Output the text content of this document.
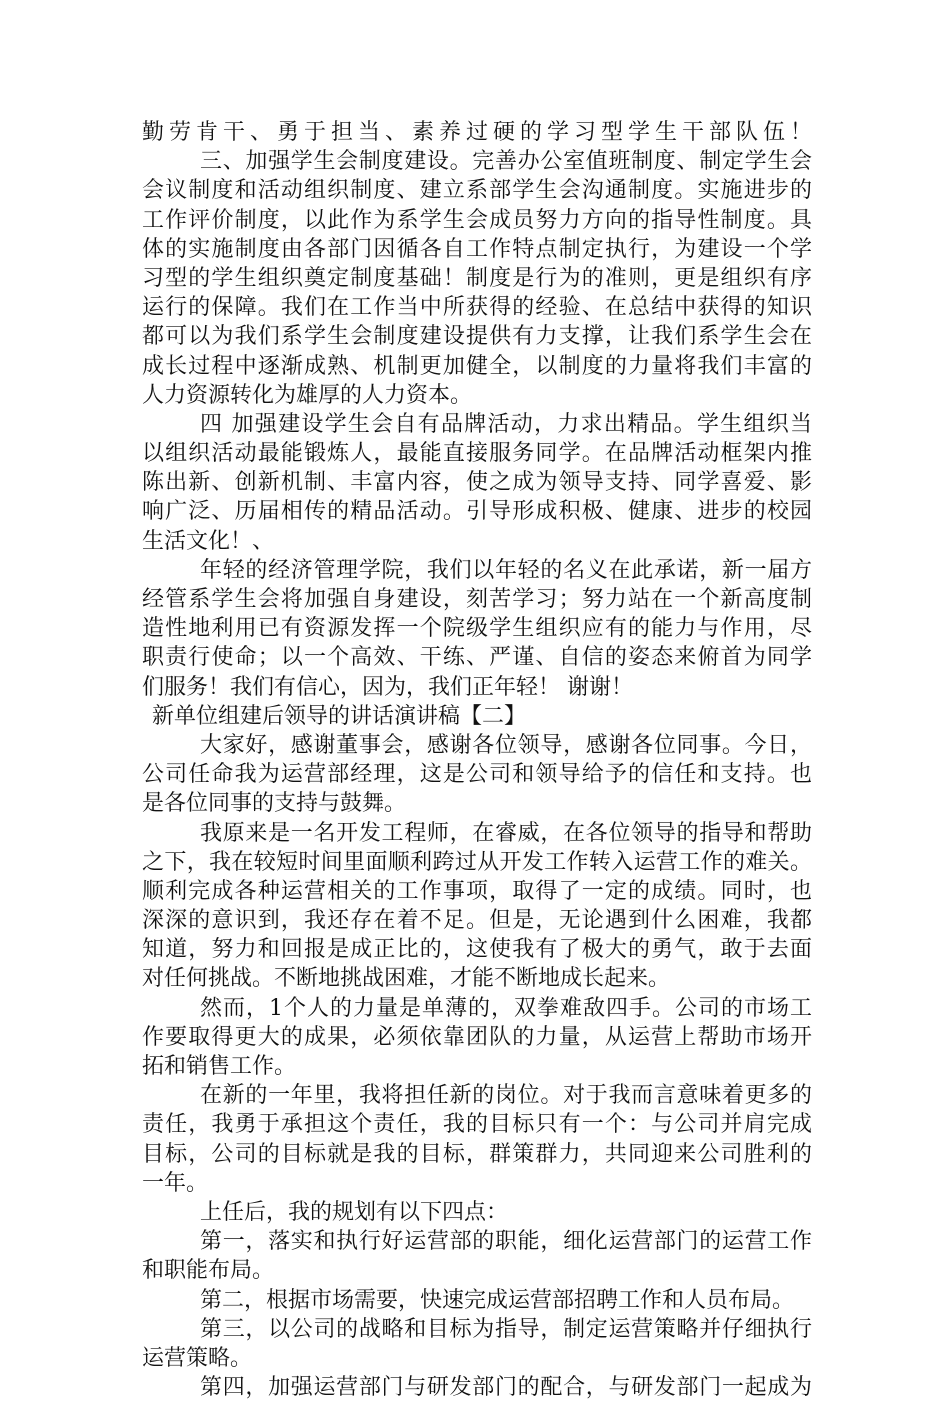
勤劳肯干、勇于担当、素养过硬的学习型学生干部队伍！
三、加强学生会制度建设。完善办公室值班制度、制定学生会
会议制度和活动组织制度、建立系部学生会沟通制度。实施进步的
工作评价制度，以此作为系学生会成员努力方向的指导性制度。具
体的实施制度由各部门因循各自工作特点制定执行，为建设一个学
习型的学生组织奠定制度基础！制度是行为的准则，更是组织有序
运行的保障。我们在工作当中所获得的经验、在总结中获得的知识
都可以为我们系学生会制度建设提供有力支撑，让我们系学生会在
成长过程中逐渐成熟、机制更加健全，以制度的力量将我们丰富的
人力资源转化为雄厚的人力资本。
四 加强建设学生会自有品牌活动，力求出精品。学生组织当
以组织活动最能锻炼人，最能直接服务同学。在品牌活动框架内推
陈出新、创新机制、丰富内容，使之成为领导支持、同学喜爱、影
响广泛、历届相传的精品活动。引导形成积极、健康、进步的校园
生活文化！、
年轻的经济管理学院，我们以年轻的名义在此承诺，新一届方
经管系学生会将加强自身建设，刻苦学习；努力站在一个新高度制
造性地利用已有资源发挥一个院级学生组织应有的能力与作用，尽
职责行使命；以一个高效、干练、严谨、自信的姿态来俯首为同学
们服务！我们有信心，因为，我们正年轻！ 谢谢！
新单位组建后领导的讲话演讲稿【二】
大家好，感谢董事会，感谢各位领导，感谢各位同事。今日，
公司任命我为运营部经理，这是公司和领导给予的信任和支持。也
是各位同事的支持与鼓舞。
我原来是一名开发工程师，在睿威，在各位领导的指导和帮助
之下，我在较短时间里面顺利跨过从开发工作转入运营工作的难关。
顺利完成各种运营相关的工作事项，取得了一定的成绩。同时，也
深深的意识到，我还存在着不足。但是，无论遇到什么困难，我都
知道，努力和回报是成正比的，这使我有了极大的勇气，敢于去面
对任何挑战。不断地挑战困难，才能不断地成长起来。
然而，1个人的力量是单薄的，双拳难敌四手。公司的市场工
作要取得更大的成果，必须依靠团队的力量，从运营上帮助市场开
拓和销售工作。
在新的一年里，我将担任新的岗位。对于我而言意味着更多的
责任，我勇于承担这个责任，我的目标只有一个：与公司并肩完成
目标，公司的目标就是我的目标，群策群力，共同迎来公司胜利的
一年。
上任后，我的规划有以下四点：
第一，落实和执行好运营部的职能，细化运营部门的运营工作
和职能布局。
第二，根据市场需要，快速完成运营部招聘工作和人员布局。
第三，以公司的战略和目标为指导，制定运营策略并仔细执行
运营策略。
第四，加强运营部门与研发部门的配合，与研发部门一起成为
